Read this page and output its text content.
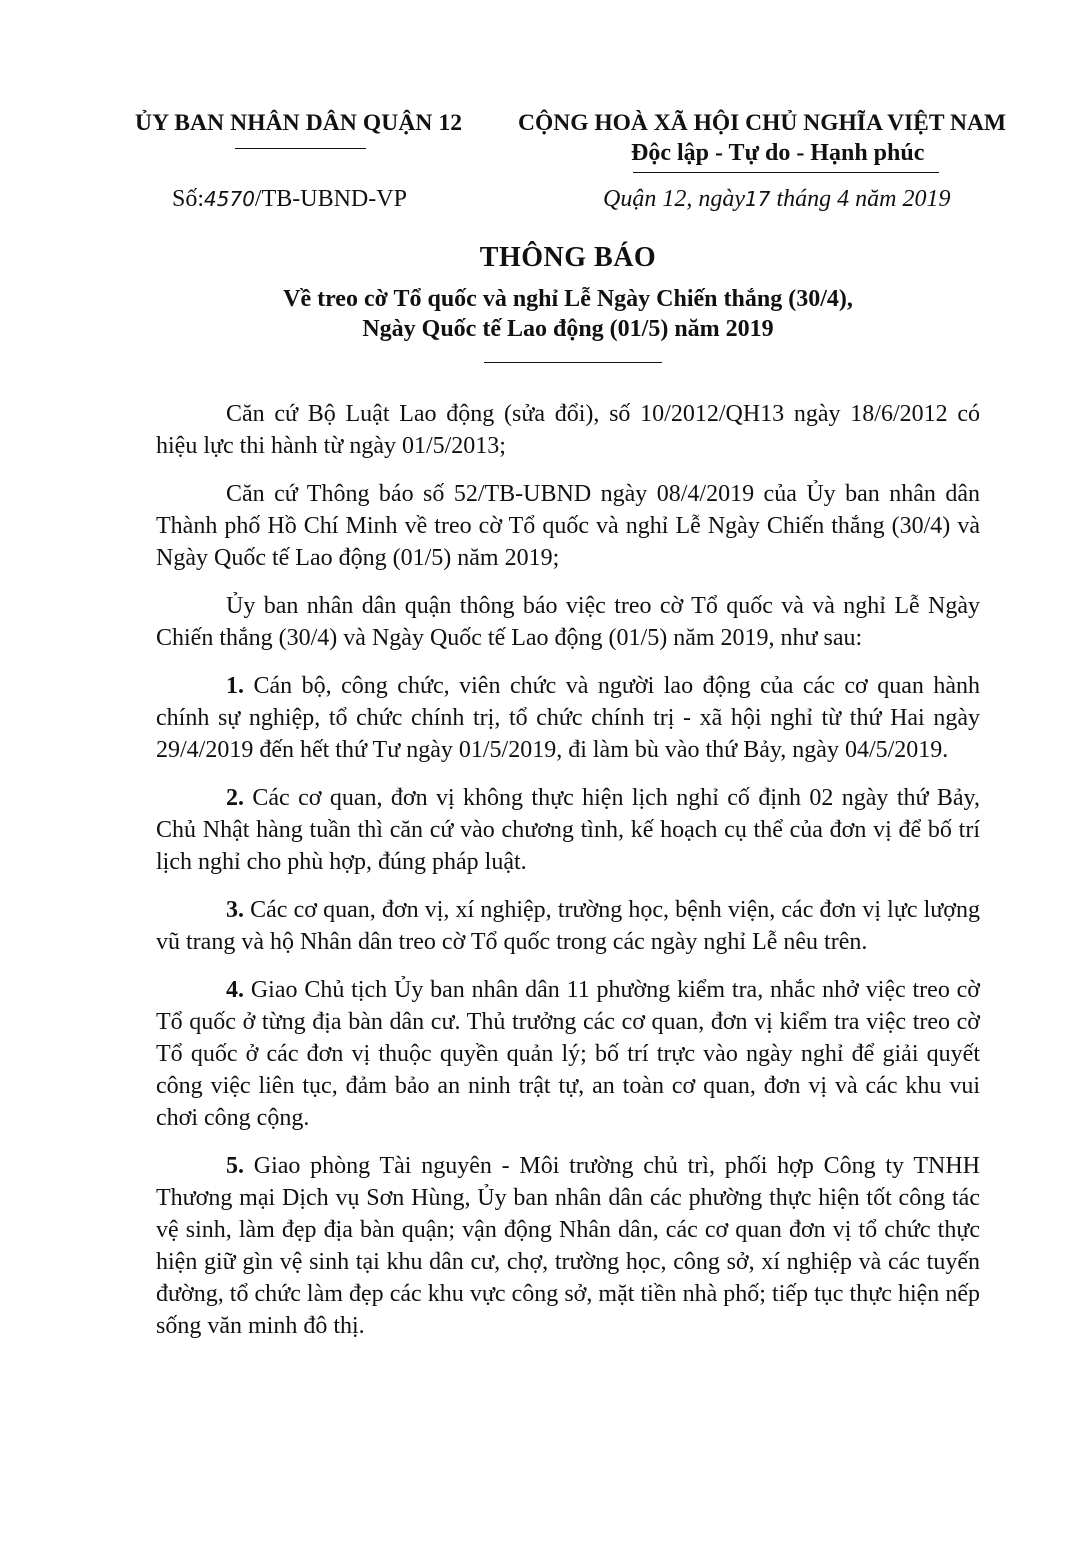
ỦY BAN NHÂN DÂN QUẬN 12 CỘNG HOÀ XÃ HỘI CHỦ NGHĨA VIỆT NAM
Độc lập - Tự do - Hạnh phúc
Số:4570/TB-UBND-VP	Quận 12, ngày17 tháng 4 năm 2019
THÔNG BÁO
Về treo cờ Tổ quốc và nghỉ Lễ Ngày Chiến thắng (30/4),
Ngày Quốc tế Lao động (01/5) năm 2019

Căn cứ Bộ Luật Lao động (sửa đổi), số 10/2012/QH13 ngày 18/6/2012 có hiệu lực thi hành từ ngày 01/5/2013;

Căn cứ Thông báo số 52/TB-UBND ngày 08/4/2019 của Ủy ban nhân dân Thành phố Hồ Chí Minh về treo cờ Tổ quốc và nghỉ Lễ Ngày Chiến thắng (30/4) và Ngày Quốc tế Lao động (01/5) năm 2019;

Ủy ban nhân dân quận thông báo việc treo cờ Tổ quốc và và nghỉ Lễ Ngày Chiến thắng (30/4) và Ngày Quốc tế Lao động (01/5) năm 2019, như sau:

1. Cán bộ, công chức, viên chức và người lao động của các cơ quan hành chính sự nghiệp, tổ chức chính trị, tổ chức chính trị - xã hội nghỉ từ thứ Hai ngày 29/4/2019 đến hết thứ Tư ngày 01/5/2019, đi làm bù vào thứ Bảy, ngày 04/5/2019.

2. Các cơ quan, đơn vị không thực hiện lịch nghỉ cố định 02 ngày thứ Bảy, Chủ Nhật hàng tuần thì căn cứ vào chương tình, kế hoạch cụ thể của đơn vị để bố trí lịch nghỉ cho phù hợp, đúng pháp luật.

3. Các cơ quan, đơn vị, xí nghiệp, trường học, bệnh viện, các đơn vị lực lượng vũ trang và hộ Nhân dân treo cờ Tổ quốc trong các ngày nghỉ Lễ nêu trên.

4. Giao Chủ tịch Ủy ban nhân dân 11 phường kiểm tra, nhắc nhở việc treo cờ Tổ quốc ở từng địa bàn dân cư. Thủ trưởng các cơ quan, đơn vị kiểm tra việc treo cờ Tổ quốc ở các đơn vị thuộc quyền quản lý; bố trí trực vào ngày nghỉ để giải quyết công việc liên tục, đảm bảo an ninh trật tự, an toàn cơ quan, đơn vị và các khu vui chơi công cộng.

5. Giao phòng Tài nguyên - Môi trường chủ trì, phối hợp Công ty TNHH Thương mại Dịch vụ Sơn Hùng, Ủy ban nhân dân các phường thực hiện tốt công tác vệ sinh, làm đẹp địa bàn quận; vận động Nhân dân, các cơ quan đơn vị tổ chức thực hiện giữ gìn vệ sinh tại khu dân cư, chợ, trường học, công sở, xí nghiệp và các tuyến đường, tổ chức làm đẹp các khu vực công sở, mặt tiền nhà phố; tiếp tục thực hiện nếp sống văn minh đô thị.
